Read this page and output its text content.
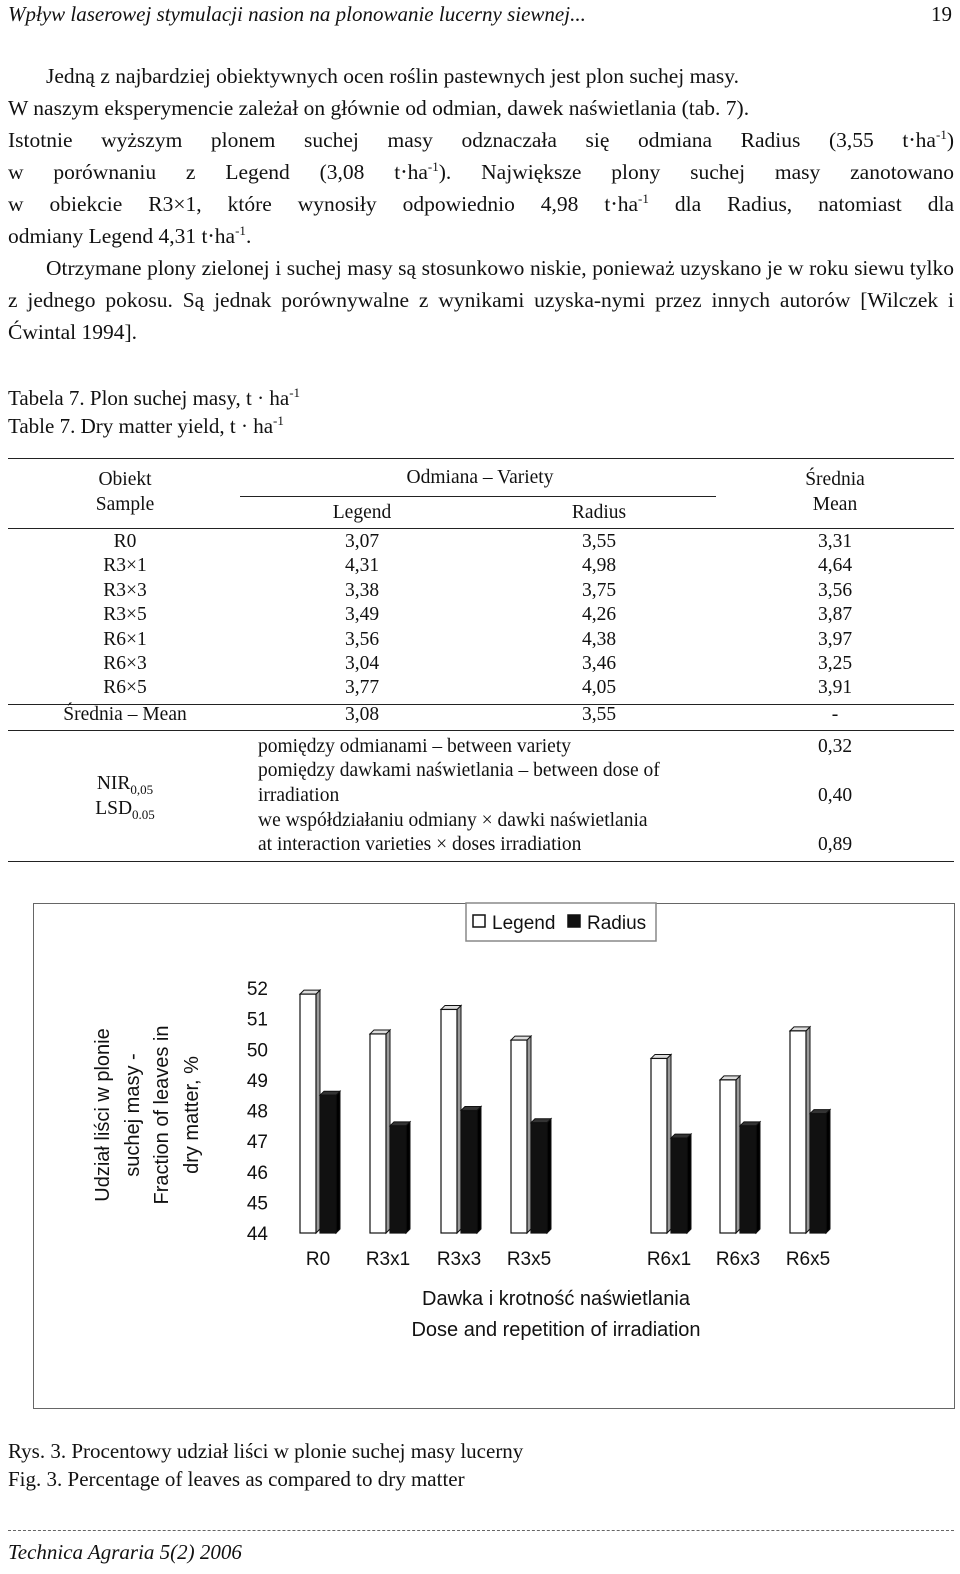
Wpływ laserowej stymulacji nasion na plonowanie lucerny siewnej...	19
Jedną z najbardziej obiektywnych ocen roślin pastewnych jest plon suchej masy.
W naszym eksperymencie zależał on głównie od odmian, dawek naświetlania (tab. 7).
Istotnie wyższym plonem suchej masy odznaczała się odmiana Radius (3,55 $t\cdot ha^{-1}$)
w porównaniu z Legend (3,08 $t\cdot ha^{-1}$). Największe plony suchej masy zanotowano
w obiekcie R3×1, które wynosiły odpowiednio 4,98 $t\cdot ha^{-1}$ dla Radius, natomiast dla
odmiany Legend 4,31 $t\cdot ha^{-1}$.

Otrzymane plony zielonej i suchej masy są stosunkowo niskie, ponieważ uzyskano je w roku siewu tylko z jednego pokosu. Są jednak porównywalne z wynikami uzyska-nymi przez innych autorów [Wilczek i Ćwintal 1994].

Tabela 7. Plon suchej masy, $t \cdot ha^{-1}$
Table 7. Dry matter yield, $t \cdot ha^{-1}$
Obiekt
Sample
Odmiana – Variety
Legend	Radius
Średnia
Mean
R0	3,07	3,55	3,31
R3×1	4,31	4,98	4,64
R3×3	3,38	3,75	3,56
R3×5	3,49	4,26	3,87
R6×1	3,56	4,38	3,97
R6×3	3,04	3,46	3,25
R6×5	3,77	4,05	3,91
Średnia – Mean	3,08	3,55	-
$NIR_{0,05}$
$LSD_{0.05}$
pomiędzy odmianami – between variety	0,32
pomiędzy dawkami naświetlania – between dose of
irradiation	0,40
we współdziałaniu odmiany × dawki naświetlania
at interaction varieties × doses irradiation	0,89
Legend Radius
44
45
46
47
48
49
50
51
52
R0 R3x1 R3x3 R3x5	R6x1 R6x3 R6x5
Udział liści w plonie suchej masy - Fraction of leaves in dry matter, %
Dawka i krotność naświetlania
Dose and repetition of irradiation
Rys. 3. Procentowy udział liści w plonie suchej masy lucerny
Fig. 3. Percentage of leaves as compared to dry matter
Technica Agraria 5(2) 2006
